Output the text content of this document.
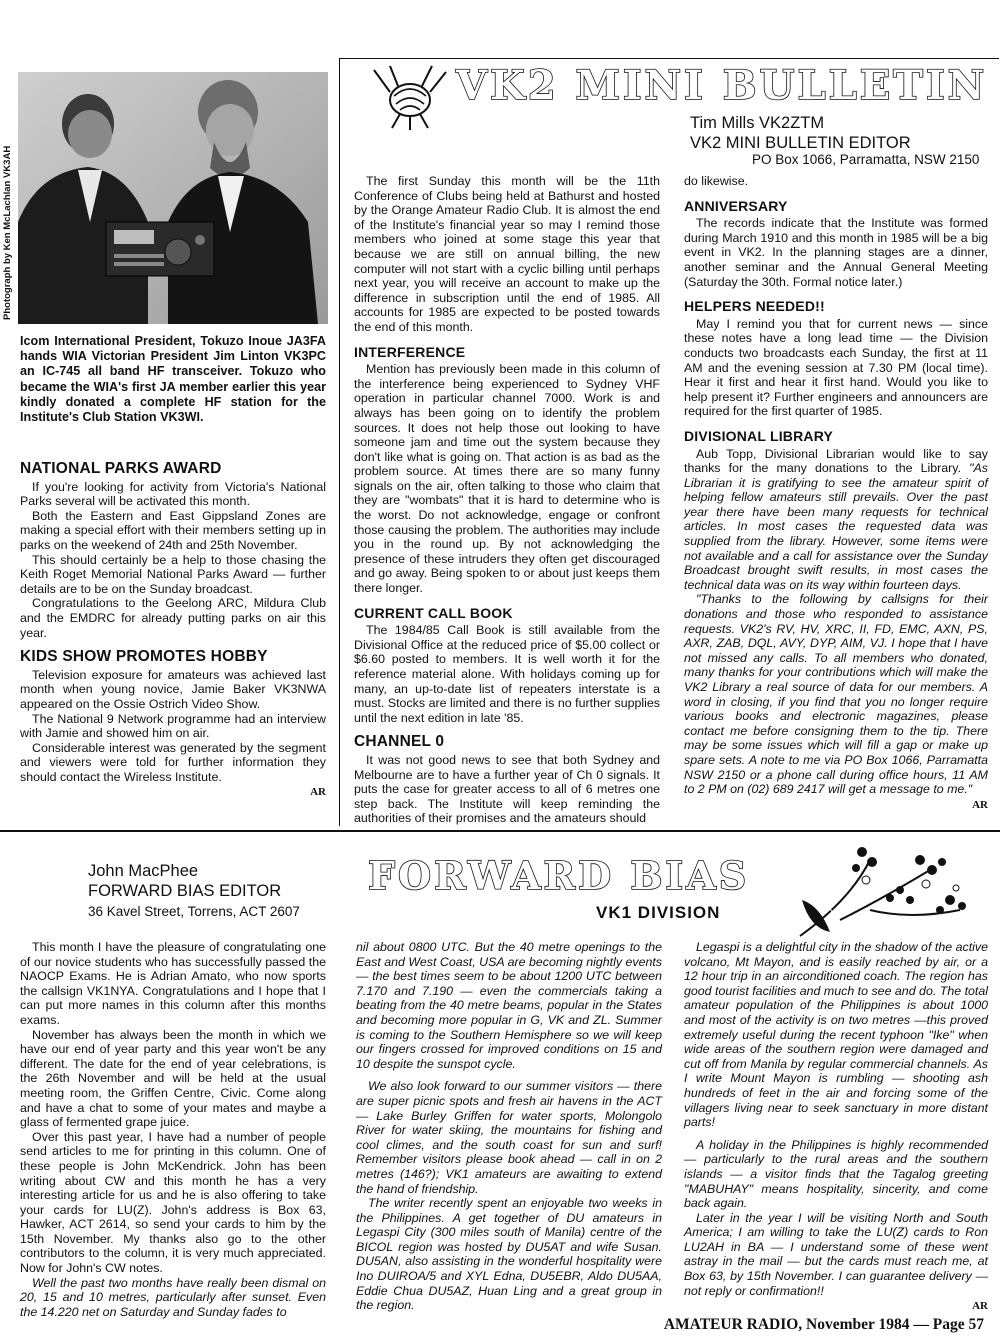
Photograph by Ken McLachlan VK3AH
Icom International President, Tokuzo Inoue JA3FA hands WIA Victorian President Jim Linton VK3PC an IC-745 all band HF transceiver. Tokuzo who became the WIA's first JA member earlier this year kindly donated a complete HF station for the Institute's Club Station VK3WI.
NATIONAL PARKS AWARD

If you're looking for activity from Victoria's National Parks several will be activated this month.

Both the Eastern and East Gippsland Zones are making a special effort with their members setting up in parks on the weekend of 24th and 25th November.

This should certainly be a help to those chasing the Keith Roget Memorial National Parks Award — further details are to be on the Sunday broadcast.

Congratulations to the Geelong ARC, Mildura Club and the EMDRC for already putting parks on air this year.

KIDS SHOW PROMOTES HOBBY

Television exposure for amateurs was achieved last month when young novice, Jamie Baker VK3NWA appeared on the Ossie Ostrich Video Show.

The National 9 Network programme had an interview with Jamie and showed him on air.

Considerable interest was generated by the segment and viewers were told for further information they should contact the Wireless Institute.

AR
VK2 MINI BULLETIN
Tim Mills VK2ZTM
VK2 MINI BULLETIN EDITOR
PO Box 1066, Parramatta, NSW 2150

The first Sunday this month will be the 11th Conference of Clubs being held at Bathurst and hosted by the Orange Amateur Radio Club. It is almost the end of the Institute's financial year so may I remind those members who joined at some stage this year that because we are still on annual billing, the new computer will not start with a cyclic billing until perhaps next year, you will receive an account to make up the difference in subscription until the end of 1985. All accounts for 1985 are expected to be posted towards the end of this month.

INTERFERENCE

Mention has previously been made in this column of the interference being experienced to Sydney VHF operation in particular channel 7000. Work is and always has been going on to identify the problem sources. It does not help those out looking to have someone jam and time out the system because they don't like what is going on. That action is as bad as the problem source. At times there are so many funny signals on the air, often talking to those who claim that they are "wombats" that it is hard to determine who is the worst. Do not acknowledge, engage or confront those causing the problem. The authorities may include you in the round up. By not acknowledging the presence of these intruders they often get discouraged and go away. Being spoken to or about just keeps them there longer.

CURRENT CALL BOOK

The 1984/85 Call Book is still available from the Divisional Office at the reduced price of $5.00 collect or $6.60 posted to members. It is well worth it for the reference material alone. With holidays coming up for many, an up-to-date list of repeaters interstate is a must. Stocks are limited and there is no further supplies until the next edition in late '85.

CHANNEL 0

It was not good news to see that both Sydney and Melbourne are to have a further year of Ch 0 signals. It puts the case for greater access to all of 6 metres one step back. The Institute will keep reminding the authorities of their promises and the amateurs should

do likewise.

ANNIVERSARY

The records indicate that the Institute was formed during March 1910 and this month in 1985 will be a big event in VK2. In the planning stages are a dinner, another seminar and the Annual General Meeting (Saturday the 30th. Formal notice later.)

HELPERS NEEDED!!

May I remind you that for current news — since these notes have a long lead time — the Division conducts two broadcasts each Sunday, the first at 11 AM and the evening session at 7.30 PM (local time). Hear it first and hear it first hand. Would you like to help present it? Further engineers and announcers are required for the first quarter of 1985.

DIVISIONAL LIBRARY

Aub Topp, Divisional Librarian would like to say thanks for the many donations to the Library. "As Librarian it is gratifying to see the amateur spirit of helping fellow amateurs still prevails. Over the past year there have been many requests for technical articles. In most cases the requested data was supplied from the library. However, some items were not available and a call for assistance over the Sunday Broadcast brought swift results, in most cases the technical data was on its way within fourteen days.

"Thanks to the following by callsigns for their donations and those who responded to assistance requests. VK2's RV, HV, XRC, II, FD, EMC, AXN, PS, AXR, ZAB, DQL, AVY, DYP, AIM, VJ. I hope that I have not missed any calls. To all members who donated, many thanks for your contributions which will make the VK2 Library a real source of data for our members. A word in closing, if you find that you no longer require various books and electronic magazines, please contact me before consigning them to the tip. There may be some issues which will fill a gap or make up spare sets. A note to me via PO Box 1066, Parramatta NSW 2150 or a phone call during office hours, 11 AM to 2 PM on (02) 689 2417 will get a message to me."

AR
John MacPhee
FORWARD BIAS EDITOR
36 Kavel Street, Torrens, ACT 2607
FORWARD BIAS
VK1 DIVISION

This month I have the pleasure of congratulating one of our novice students who has successfully passed the NAOCP Exams. He is Adrian Amato, who now sports the callsign VK1NYA. Congratulations and I hope that I can put more names in this column after this months exams.

November has always been the month in which we have our end of year party and this year won't be any different. The date for the end of year celebrations, is the 26th November and will be held at the usual meeting room, the Griffen Centre, Civic. Come along and have a chat to some of your mates and maybe a glass of fermented grape juice.

Over this past year, I have had a number of people send articles to me for printing in this column. One of these people is John McKendrick. John has been writing about CW and this month he has a very interesting article for us and he is also offering to take your cards for LU(Z). John's address is Box 63, Hawker, ACT 2614, so send your cards to him by the 15th November. My thanks also go to the other contributors to the column, it is very much appreciated. Now for John's CW notes.

Well the past two months have really been dismal on 20, 15 and 10 metres, particularly after sunset. Even the 14.220 net on Saturday and Sunday fades to

nil about 0800 UTC. But the 40 metre openings to the East and West Coast, USA are becoming nightly events — the best times seem to be about 1200 UTC between 7.170 and 7.190 — even the commercials taking a beating from the 40 metre beams, popular in the States and becoming more popular in G, VK and ZL. Summer is coming to the Southern Hemisphere so we will keep our fingers crossed for improved conditions on 15 and 10 despite the sunspot cycle.

We also look forward to our summer visitors — there are super picnic spots and fresh air havens in the ACT — Lake Burley Griffen for water sports, Molongolo River for water skiing, the mountains for fishing and cool climes, and the south coast for sun and surf! Remember visitors please book ahead — call in on 2 metres (146?); VK1 amateurs are awaiting to extend the hand of friendship.

The writer recently spent an enjoyable two weeks in the Philippines. A get together of DU amateurs in Legaspi City (300 miles south of Manila) centre of the BICOL region was hosted by DU5AT and wife Susan. DU5AN, also assisting in the wonderful hospitality were Ino DUIROA/5 and XYL Edna, DU5EBR, Aldo DU5AA, Eddie Chua DU5AZ, Huan Ling and a great group in the region.

Legaspi is a delightful city in the shadow of the active volcano, Mt Mayon, and is easily reached by air, or a 12 hour trip in an airconditioned coach. The region has good tourist facilities and much to see and do. The total amateur population of the Philippines is about 1000 and most of the activity is on two metres —this proved extremely useful during the recent typhoon "Ike" when wide areas of the southern region were damaged and cut off from Manila by regular commercial channels. As I write Mount Mayon is rumbling — shooting ash hundreds of feet in the air and forcing some of the villagers living near to seek sanctuary in more distant parts!

A holiday in the Philippines is highly recommended — particularly to the rural areas and the southern islands — a visitor finds that the Tagalog greeting "MABUHAY" means hospitality, sincerity, and come back again.

Later in the year I will be visiting North and South America; I am willing to take the LU(Z) cards to Ron LU2AH in BA — I understand some of these went astray in the mail — but the cards must reach me, at Box 63, by 15th November. I can guarantee delivery — not reply or confirmation!!

AR
AMATEUR RADIO, November 1984 — Page 57
